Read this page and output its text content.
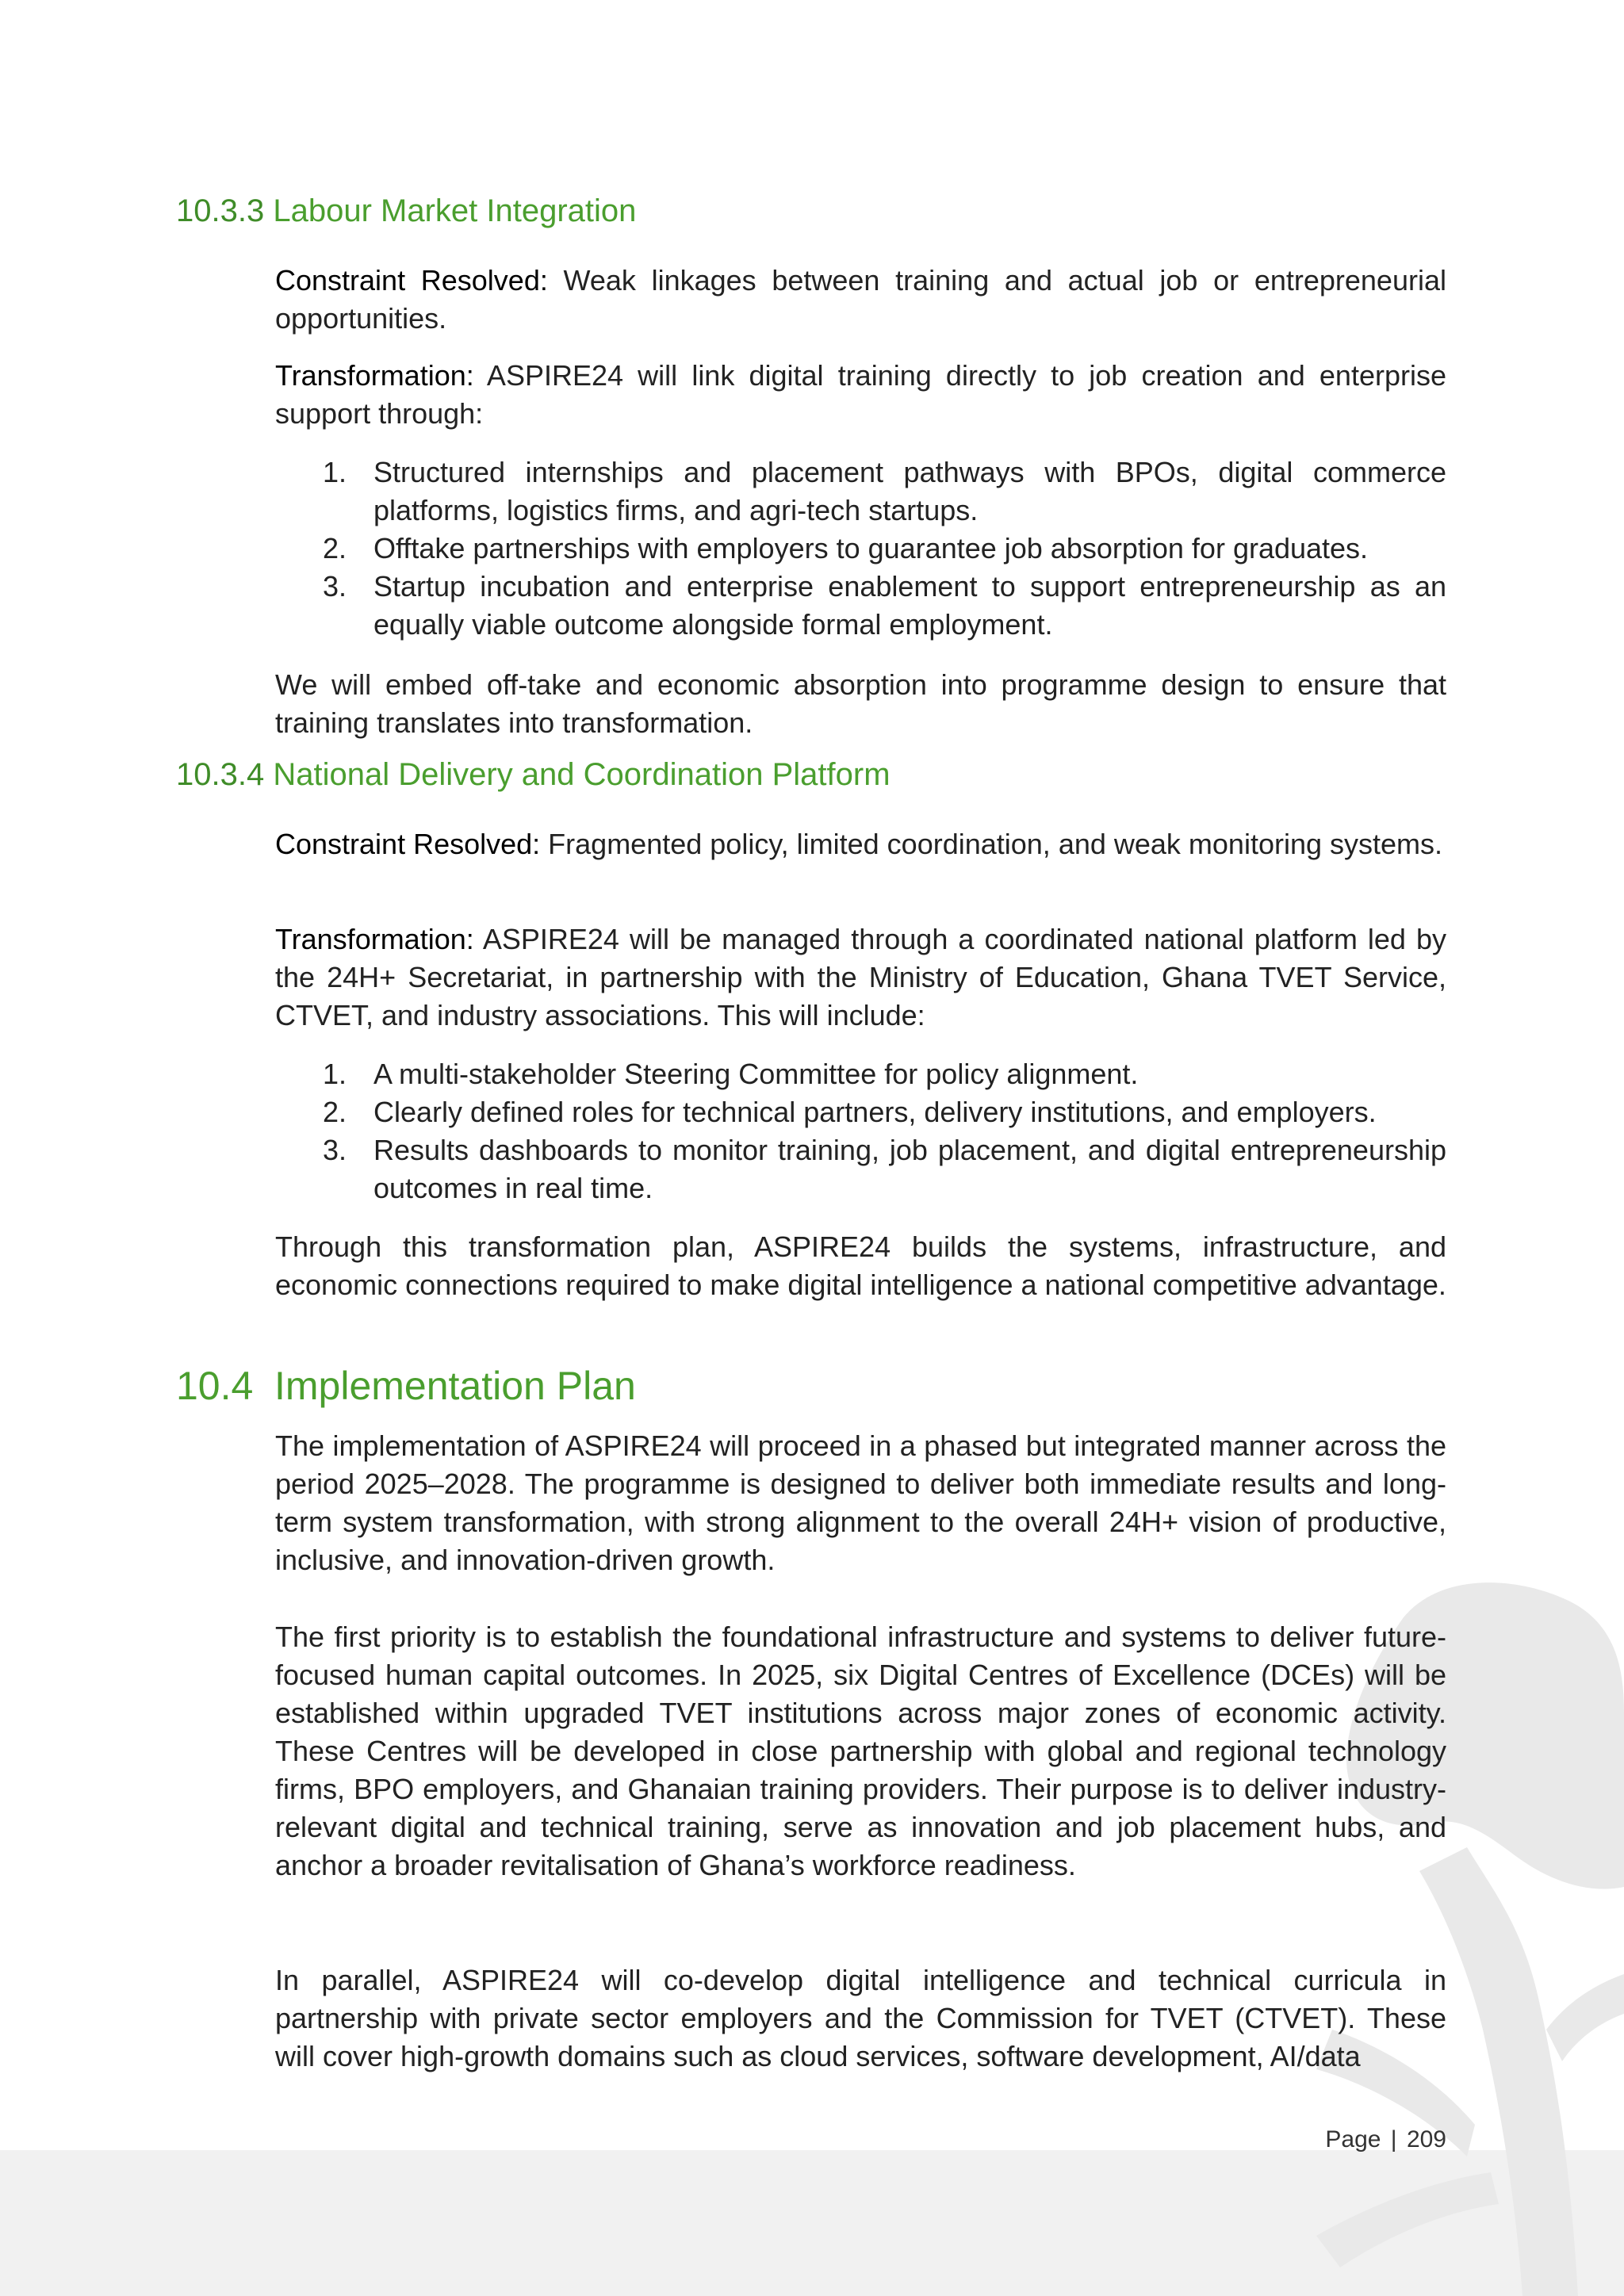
10.3.3 Labour Market Integration

Constraint Resolved: Weak linkages between training and actual job or entrepreneurial opportunities.

Transformation: ASPIRE24 will link digital training directly to job creation and enterprise support through:

1. Structured internships and placement pathways with BPOs, digital commerce platforms, logistics firms, and agri-tech startups.
2. Offtake partnerships with employers to guarantee job absorption for graduates.
3. Startup incubation and enterprise enablement to support entrepreneurship as an equally viable outcome alongside formal employment.

We will embed off-take and economic absorption into programme design to ensure that training translates into transformation.

10.3.4 National Delivery and Coordination Platform

Constraint Resolved: Fragmented policy, limited coordination, and weak monitoring systems.

Transformation: ASPIRE24 will be managed through a coordinated national platform led by the 24H+ Secretariat, in partnership with the Ministry of Education, Ghana TVET Service, CTVET, and industry associations. This will include:

1. A multi-stakeholder Steering Committee for policy alignment.
2. Clearly defined roles for technical partners, delivery institutions, and employers.
3. Results dashboards to monitor training, job placement, and digital entrepreneurship outcomes in real time.

Through this transformation plan, ASPIRE24 builds the systems, infrastructure, and economic connections required to make digital intelligence a national competitive advantage.

10.4 Implementation Plan

The implementation of ASPIRE24 will proceed in a phased but integrated manner across the period 2025–2028. The programme is designed to deliver both immediate results and long-term system transformation, with strong alignment to the overall 24H+ vision of productive, inclusive, and innovation-driven growth.

The first priority is to establish the foundational infrastructure and systems to deliver future-focused human capital outcomes. In 2025, six Digital Centres of Excellence (DCEs) will be established within upgraded TVET institutions across major zones of economic activity. These Centres will be developed in close partnership with global and regional technology firms, BPO employers, and Ghanaian training providers. Their purpose is to deliver industry-relevant digital and technical training, serve as innovation and job placement hubs, and anchor a broader revitalisation of Ghana’s workforce readiness.

In parallel, ASPIRE24 will co-develop digital intelligence and technical curricula in partnership with private sector employers and the Commission for TVET (CTVET). These will cover high-growth domains such as cloud services, software development, AI/data

Page | 209
